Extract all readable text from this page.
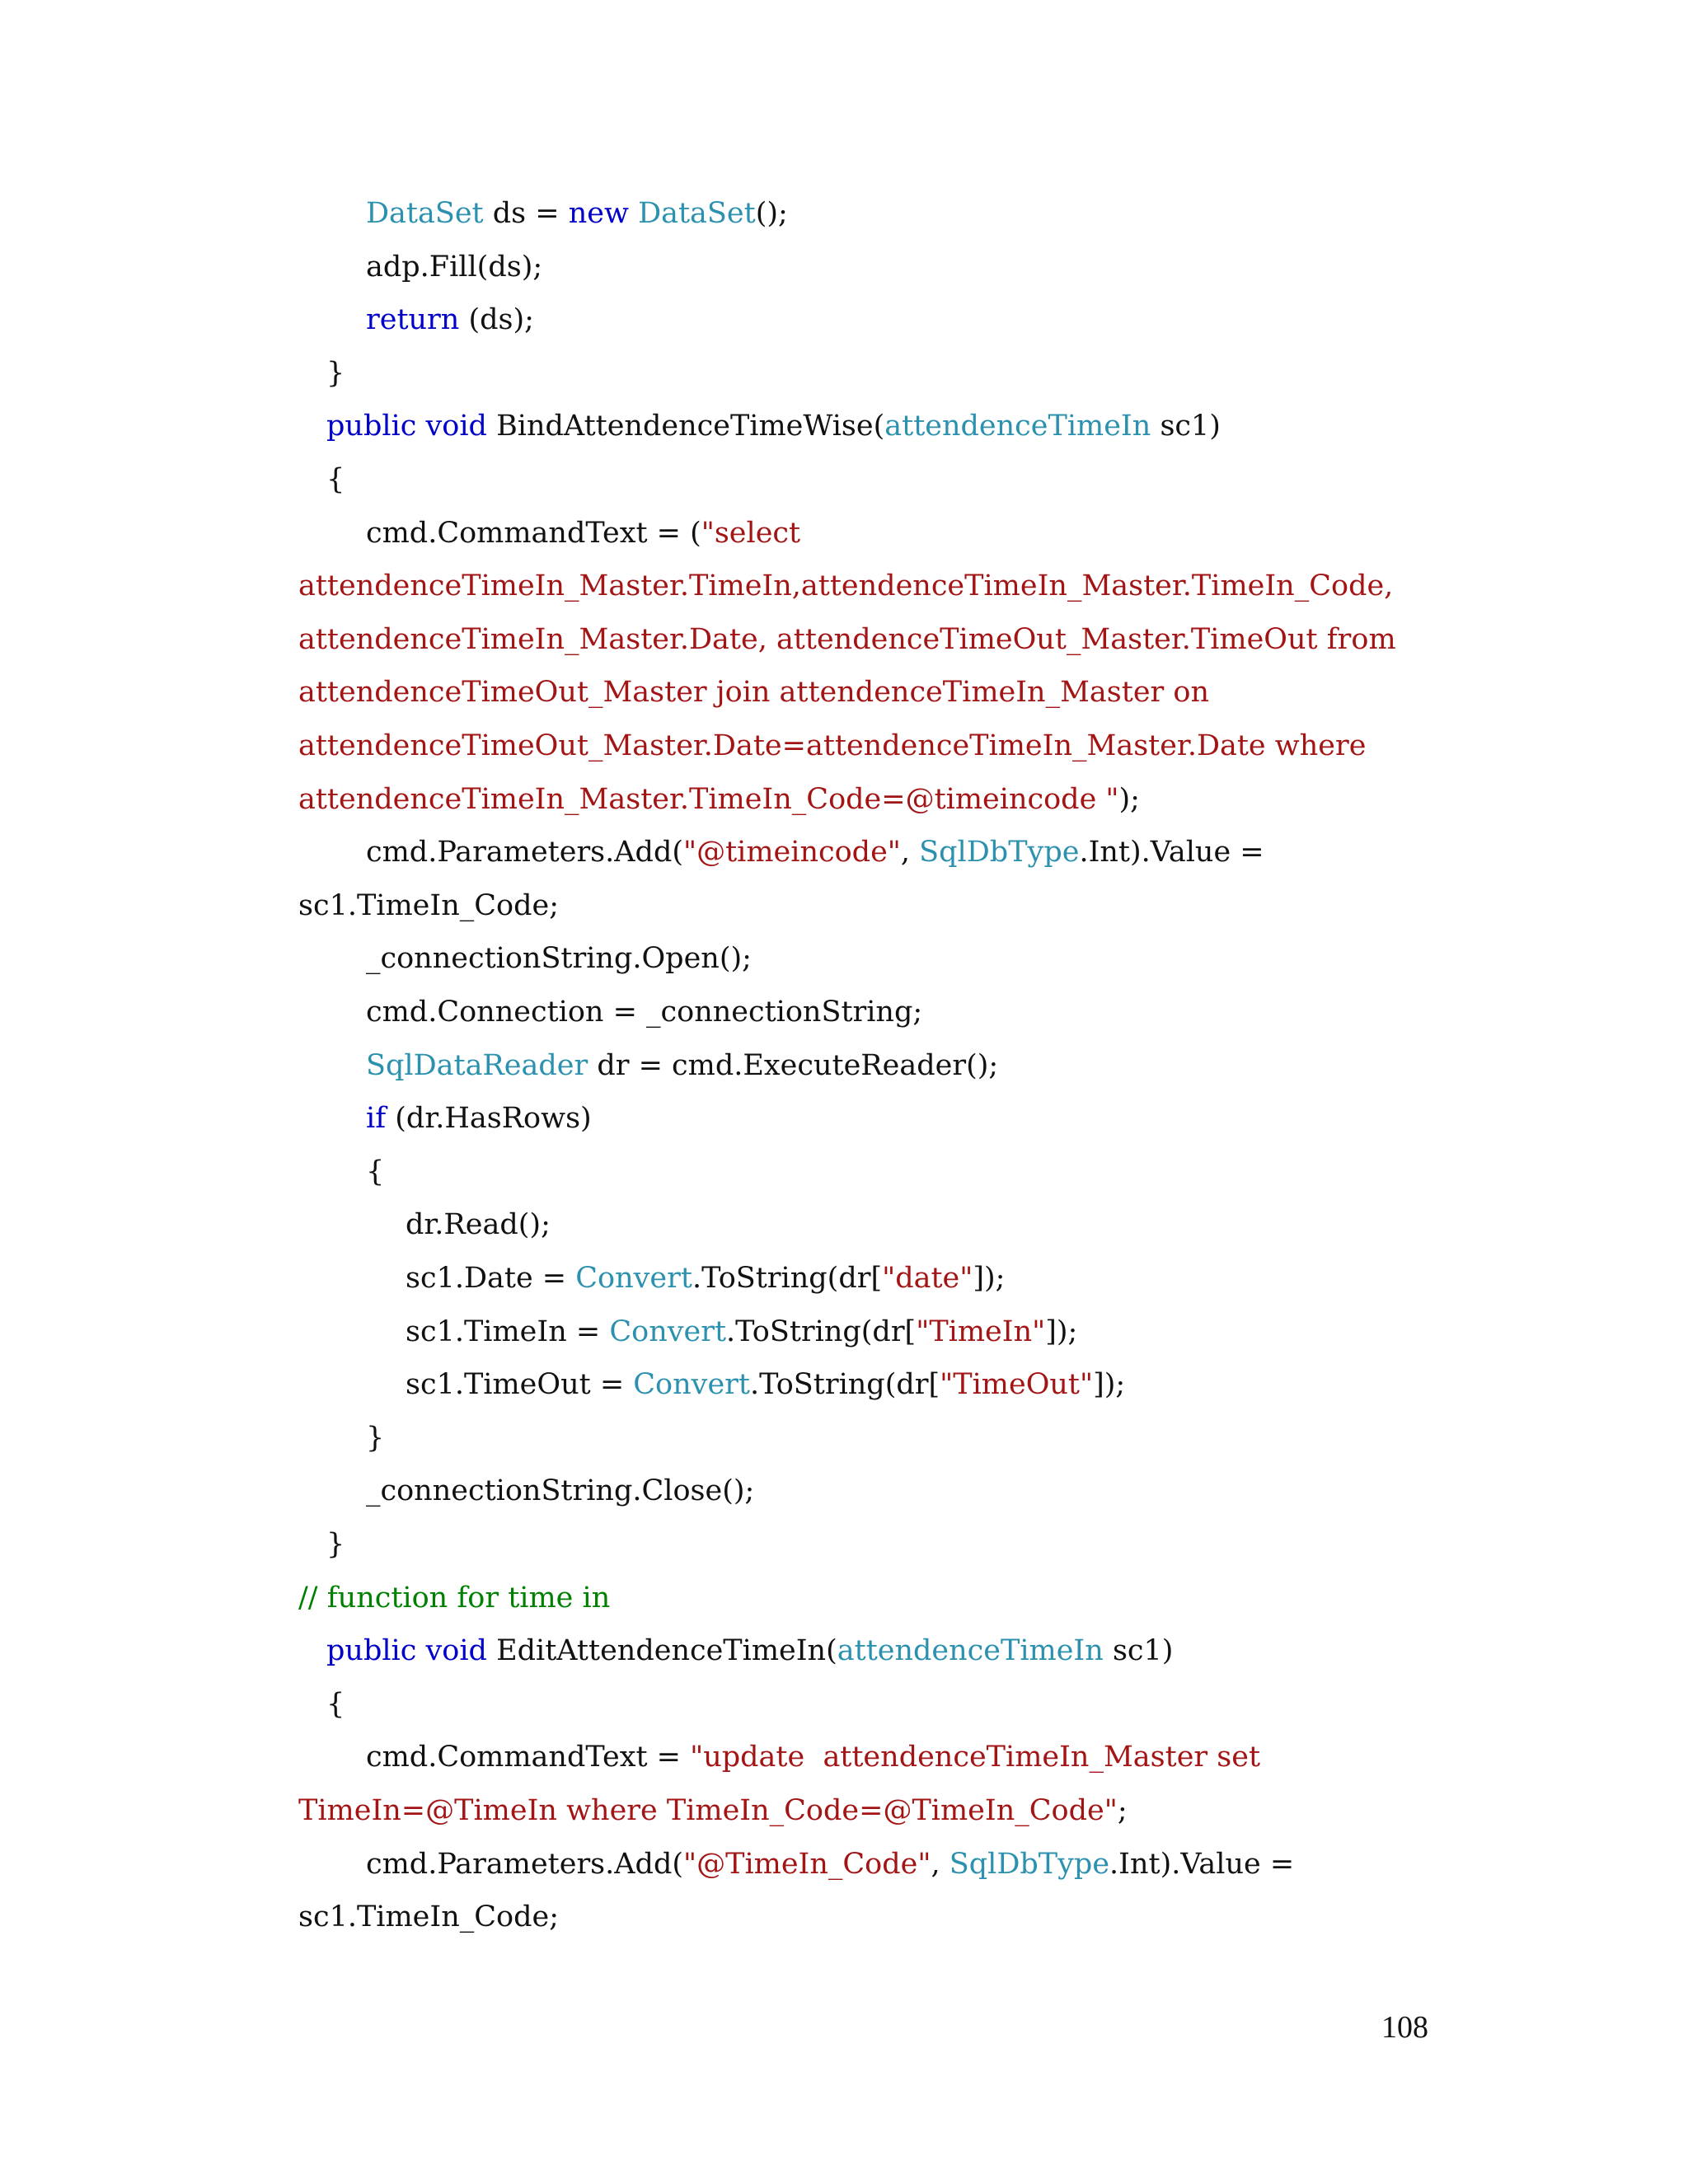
DataSet ds = new DataSet();
adp.Fill(ds);
return (ds);
}
public void BindAttendenceTimeWise(attendenceTimeIn sc1)
{
cmd.CommandText = ("select
attendenceTimeIn_Master.TimeIn,attendenceTimeIn_Master.TimeIn_Code,
attendenceTimeIn_Master.Date, attendenceTimeOut_Master.TimeOut from
attendenceTimeOut_Master join attendenceTimeIn_Master on
attendenceTimeOut_Master.Date=attendenceTimeIn_Master.Date where
attendenceTimeIn_Master.TimeIn_Code=@timeincode ");
cmd.Parameters.Add("@timeincode", SqlDbType.Int).Value =
sc1.TimeIn_Code;
_connectionString.Open();
cmd.Connection = _connectionString;
SqlDataReader dr = cmd.ExecuteReader();
if (dr.HasRows)
{
dr.Read();
sc1.Date = Convert.ToString(dr["date"]);
sc1.TimeIn = Convert.ToString(dr["TimeIn"]);
sc1.TimeOut = Convert.ToString(dr["TimeOut"]);
}
_connectionString.Close();
}
// function for time in
public void EditAttendenceTimeIn(attendenceTimeIn sc1)
{
cmd.CommandText = "update  attendenceTimeIn_Master set
TimeIn=@TimeIn where TimeIn_Code=@TimeIn_Code";
cmd.Parameters.Add("@TimeIn_Code", SqlDbType.Int).Value =
sc1.TimeIn_Code;
108
